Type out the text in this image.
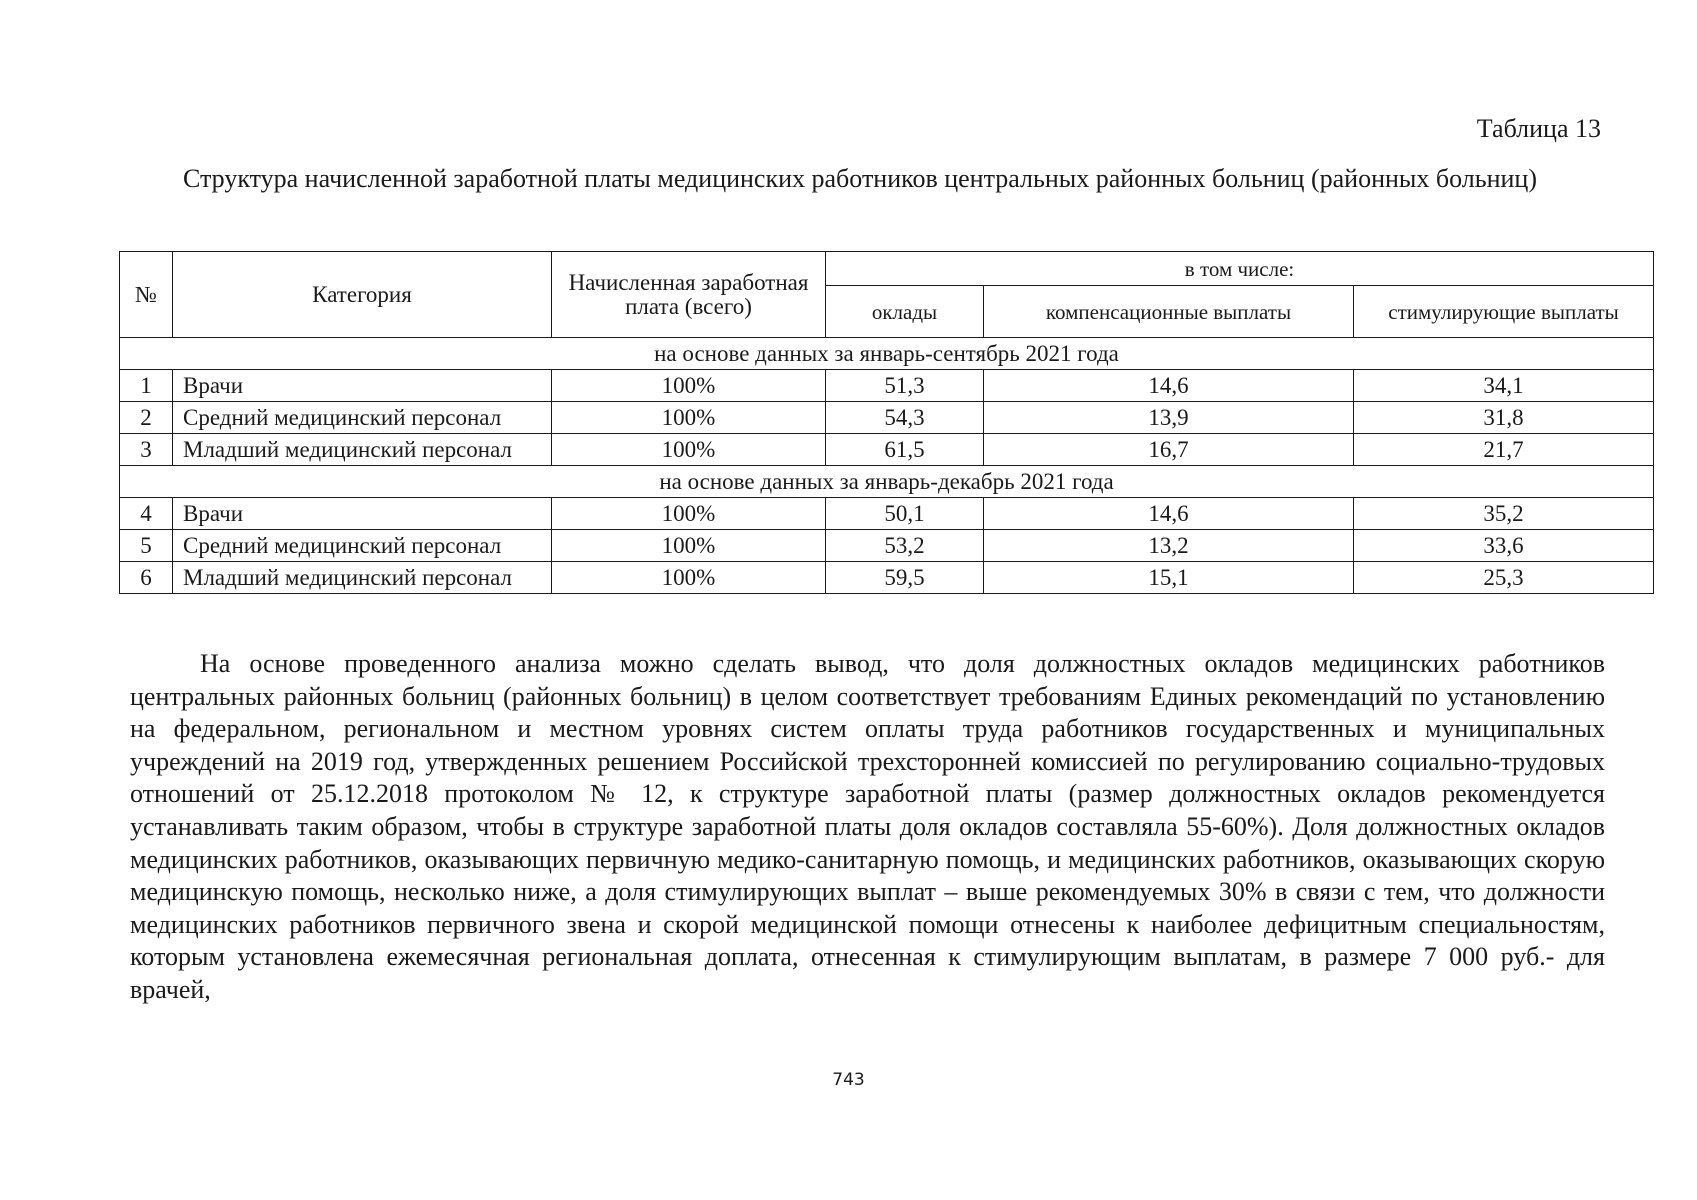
Таблица 13

Структура начисленной заработной платы медицинских работников центральных районных больниц (районных больниц)

№	Категория	Начисленная заработная плата (всего)	в том числе:		
			оклады	компенсационные выплаты	стимулирующие выплаты
на основе данных за январь-сентябрь 2021 года					
1	Врачи	100%	51,3	14,6	34,1
2	Средний медицинский персонал	100%	54,3	13,9	31,8
3	Младший медицинский персонал	100%	61,5	16,7	21,7
на основе данных за январь-декабрь 2021 года					
4	Врачи	100%	50,1	14,6	35,2
5	Средний медицинский персонал	100%	53,2	13,2	33,6
6	Младший медицинский персонал	100%	59,5	15,1	25,3

На основе проведенного анализа можно сделать вывод, что доля должностных окладов медицинских работников центральных районных больниц (районных больниц) в целом соответствует требованиям Единых рекомендаций по установлению на федеральном, региональном и местном уровнях систем оплаты труда работников государственных и муниципальных учреждений на 2019 год, утвержденных решением Российской трехсторонней комиссией по регулированию социально-трудовых отношений от 25.12.2018 протоколом № 12, к структуре заработной платы (размер должностных окладов рекомендуется устанавливать таким образом, чтобы в структуре заработной платы доля окладов составляла 55-60%). Доля должностных окладов медицинских работников, оказывающих первичную медико-санитарную помощь, и медицинских работников, оказывающих скорую медицинскую помощь, несколько ниже, а доля стимулирующих выплат – выше рекомендуемых 30% в связи с тем, что должности медицинских работников первичного звена и скорой медицинской помощи отнесены к наиболее дефицитным специальностям, которым установлена ежемесячная региональная доплата, отнесенная к стимулирующим выплатам, в размере 7 000 руб.- для врачей,

743
